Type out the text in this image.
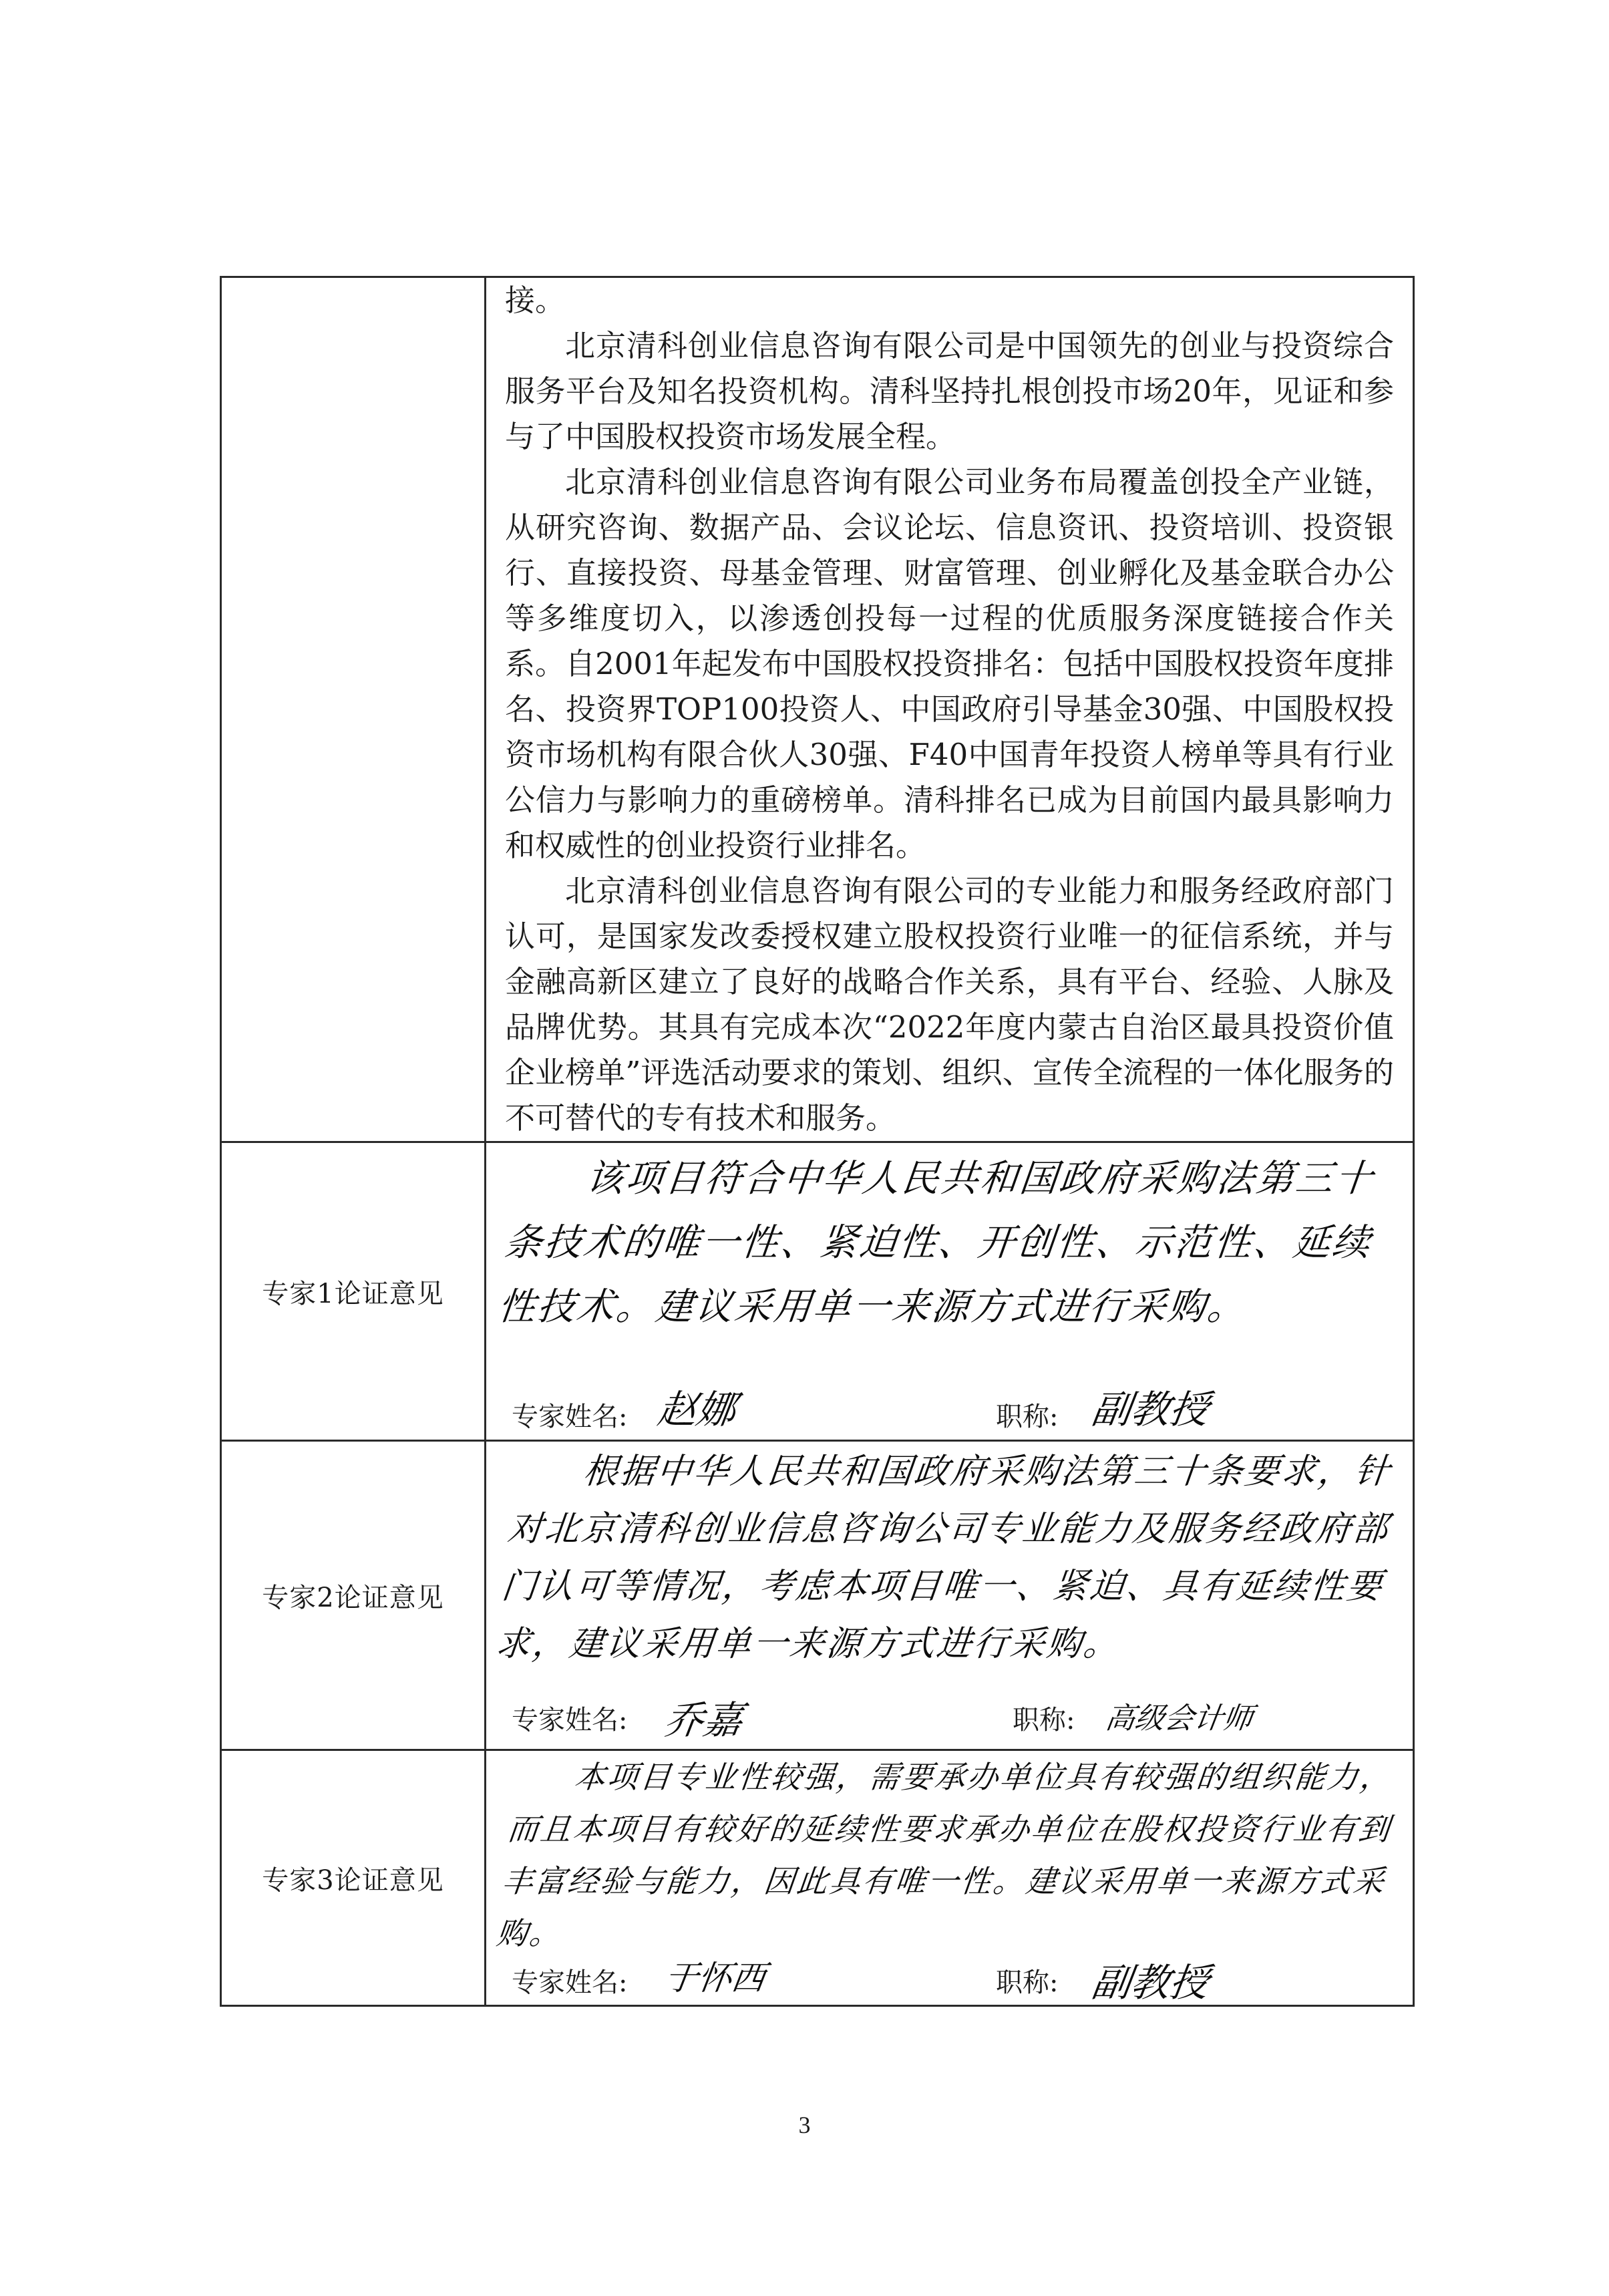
	接。

北京清科创业信息咨询有限公司是中国领先的创业与投资综合服务平台及知名投资机构。清科坚持扎根创投市场20年，见证和参与了中国股权投资市场发展全程。

北京清科创业信息咨询有限公司业务布局覆盖创投全产业链，从研究咨询、数据产品、会议论坛、信息资讯、投资培训、投资银行、直接投资、母基金管理、财富管理、创业孵化及基金联合办公等多维度切入，以渗透创投每一过程的优质服务深度链接合作关系。自2001年起发布中国股权投资排名：包括中国股权投资年度排名、投资界TOP100投资人、中国政府引导基金30强、中国股权投资市场机构有限合伙人30强、F40中国青年投资人榜单等具有行业公信力与影响力的重磅榜单。清科排名已成为目前国内最具影响力和权威性的创业投资行业排名。

北京清科创业信息咨询有限公司的专业能力和服务经政府部门认可，是国家发改委授权建立股权投资行业唯一的征信系统，并与金融高新区建立了良好的战略合作关系，具有平台、经验、人脉及品牌优势。其具有完成本次“2022年度内蒙古自治区最具投资价值企业榜单”评选活动要求的策划、组织、宣传全流程的一体化服务的不可替代的专有技术和服务。

专家1论证意见	该项目符合中华人民共和国政府采购法第三十条技术的唯一性、紧迫性、开创性、示范性、延续性技术。建议采用单一来源方式进行采购。
专家姓名: 赵娜 职称: 副教授

专家2论证意见	根据中华人民共和国政府采购法第三十条要求，针对北京清科创业信息咨询公司专业能力及服务经政府部门认可等情况，考虑本项目唯一、紧迫、具有延续性要求，建议采用单一来源方式进行采购。
专家姓名: 乔嘉 职称: 高级会计师

专家3论证意见	本项目专业性较强，需要承办单位具有较强的组织能力，而且本项目有较好的延续性要求承办单位在股权投资行业有到丰富经验与能力，因此具有唯一性。建议采用单一来源方式采购。
专家姓名: 于怀西 职称: 副教授
3
